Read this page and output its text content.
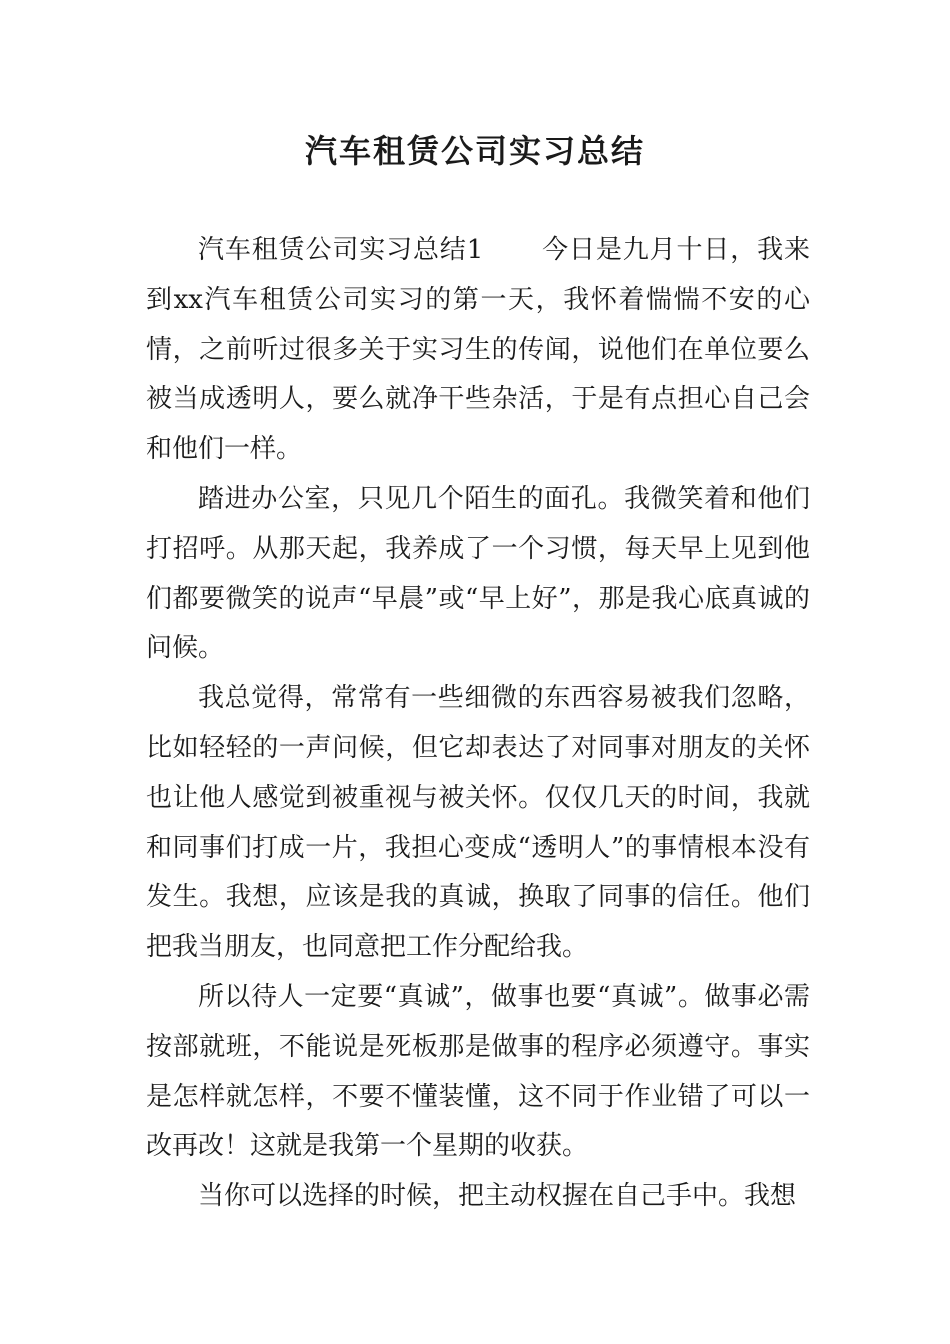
汽车租赁公司实习总结

汽车租赁公司实习总结1 今日是九月十日，我来到xx汽车租赁公司实习的第一天，我怀着惴惴不安的心情，之前听过很多关于实习生的传闻，说他们在单位要么被当成透明人，要么就净干些杂活，于是有点担心自己会和他们一样。

踏进办公室，只见几个陌生的面孔。我微笑着和他们打招呼。从那天起，我养成了一个习惯，每天早上见到他们都要微笑的说声“早晨”或“早上好”，那是我心底真诚的问候。

我总觉得，常常有一些细微的东西容易被我们忽略，比如轻轻的一声问候，但它却表达了对同事对朋友的关怀也让他人感觉到被重视与被关怀。仅仅几天的时间，我就和同事们打成一片，我担心变成“透明人”的事情根本没有发生。我想，应该是我的真诚，换取了同事的信任。他们把我当朋友，也同意把工作分配给我。

所以待人一定要“真诚”，做事也要“真诚”。做事必需按部就班，不能说是死板那是做事的程序必须遵守。事实是怎样就怎样，不要不懂装懂，这不同于作业错了可以一改再改！这就是我第一个星期的收获。

当你可以选择的时候，把主动权握在自己手中。我想
